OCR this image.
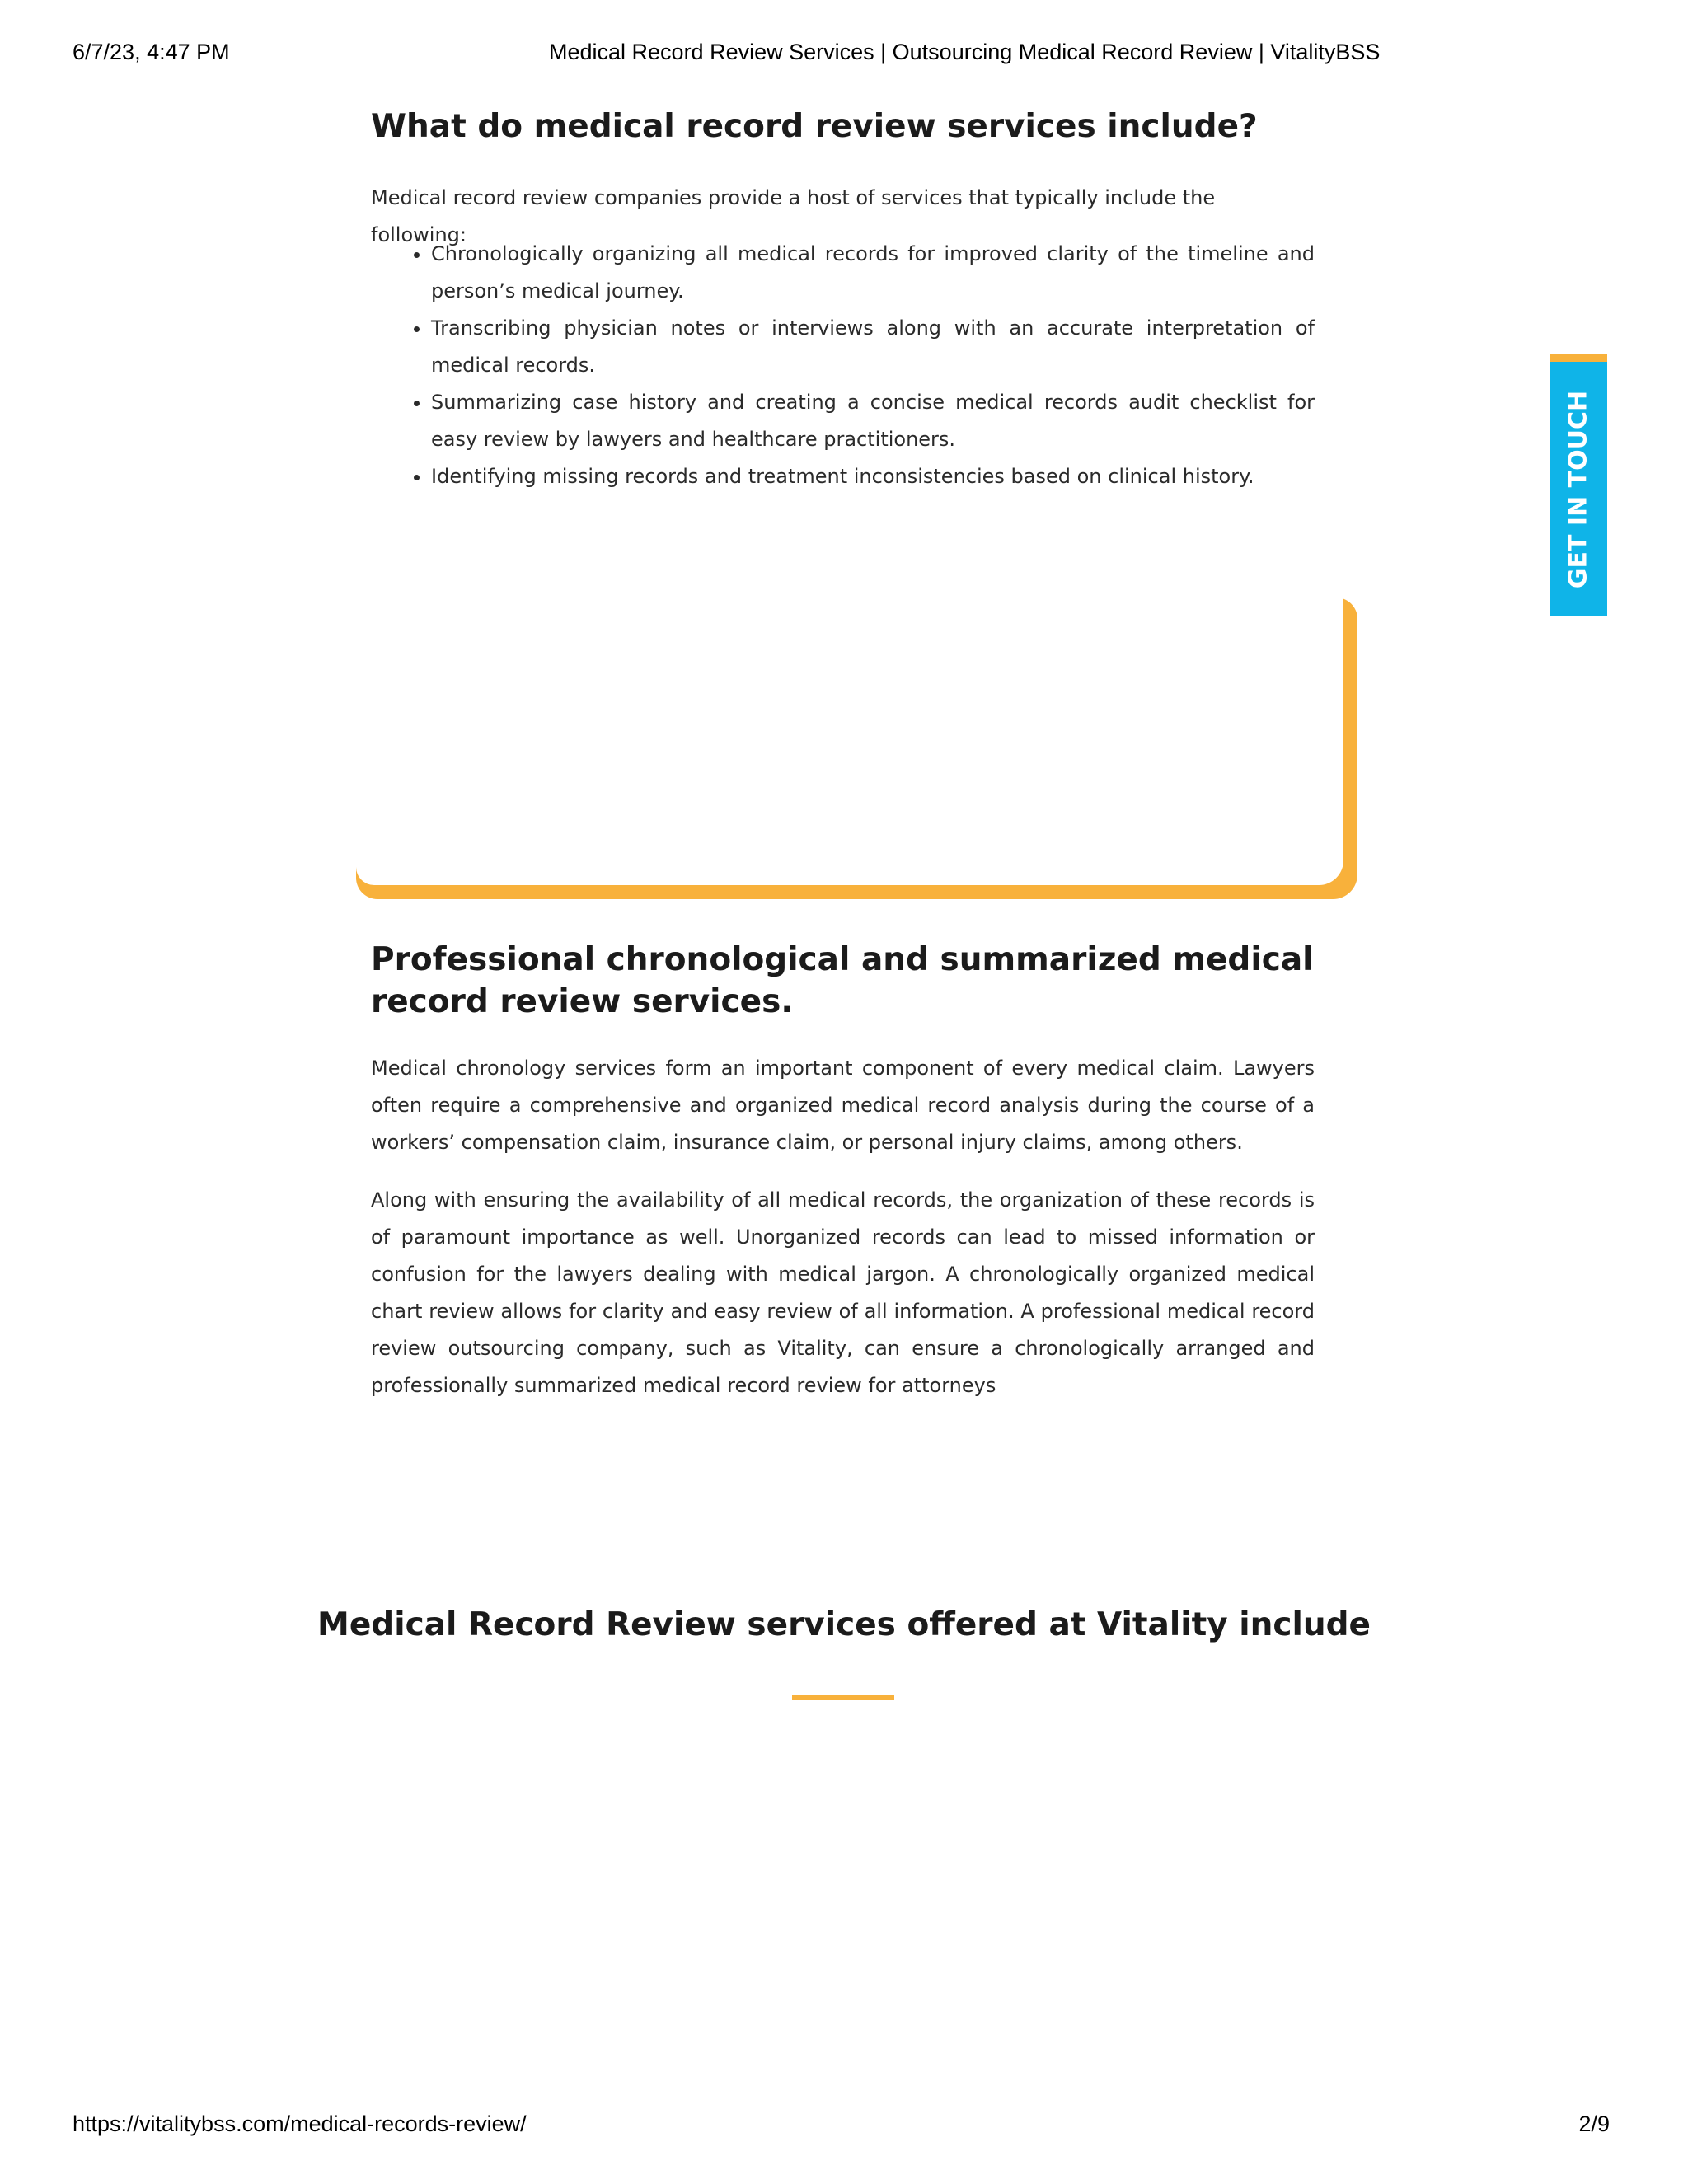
6/7/23, 4:47 PM	Medical Record Review Services | Outsourcing Medical Record Review | VitalityBSS
What do medical record review services include?

Medical record review companies provide a host of services that typically include the following:

• Chronologically organizing all medical records for improved clarity of the timeline and person’s medical journey.
• Transcribing physician notes or interviews along with an accurate interpretation of medical records.
• Summarizing case history and creating a concise medical records audit checklist for easy review by lawyers and healthcare practitioners.
• Identifying missing records and treatment inconsistencies based on clinical history.
Professional chronological and summarized medical record review services.

Medical chronology services form an important component of every medical claim. Lawyers often require a comprehensive and organized medical record analysis during the course of a workers’ compensation claim, insurance claim, or personal injury claims, among others.

Along with ensuring the availability of all medical records, the organization of these records is of paramount importance as well. Unorganized records can lead to missed information or confusion for the lawyers dealing with medical jargon. A chronologically organized medical chart review allows for clarity and easy review of all information. A professional medical record review outsourcing company, such as Vitality, can ensure a chronologically arranged and professionally summarized medical record review for attorneys

Medical Record Review services offered at Vitality include
GET IN TOUCH
https://vitalitybss.com/medical-records-review/	2/9
